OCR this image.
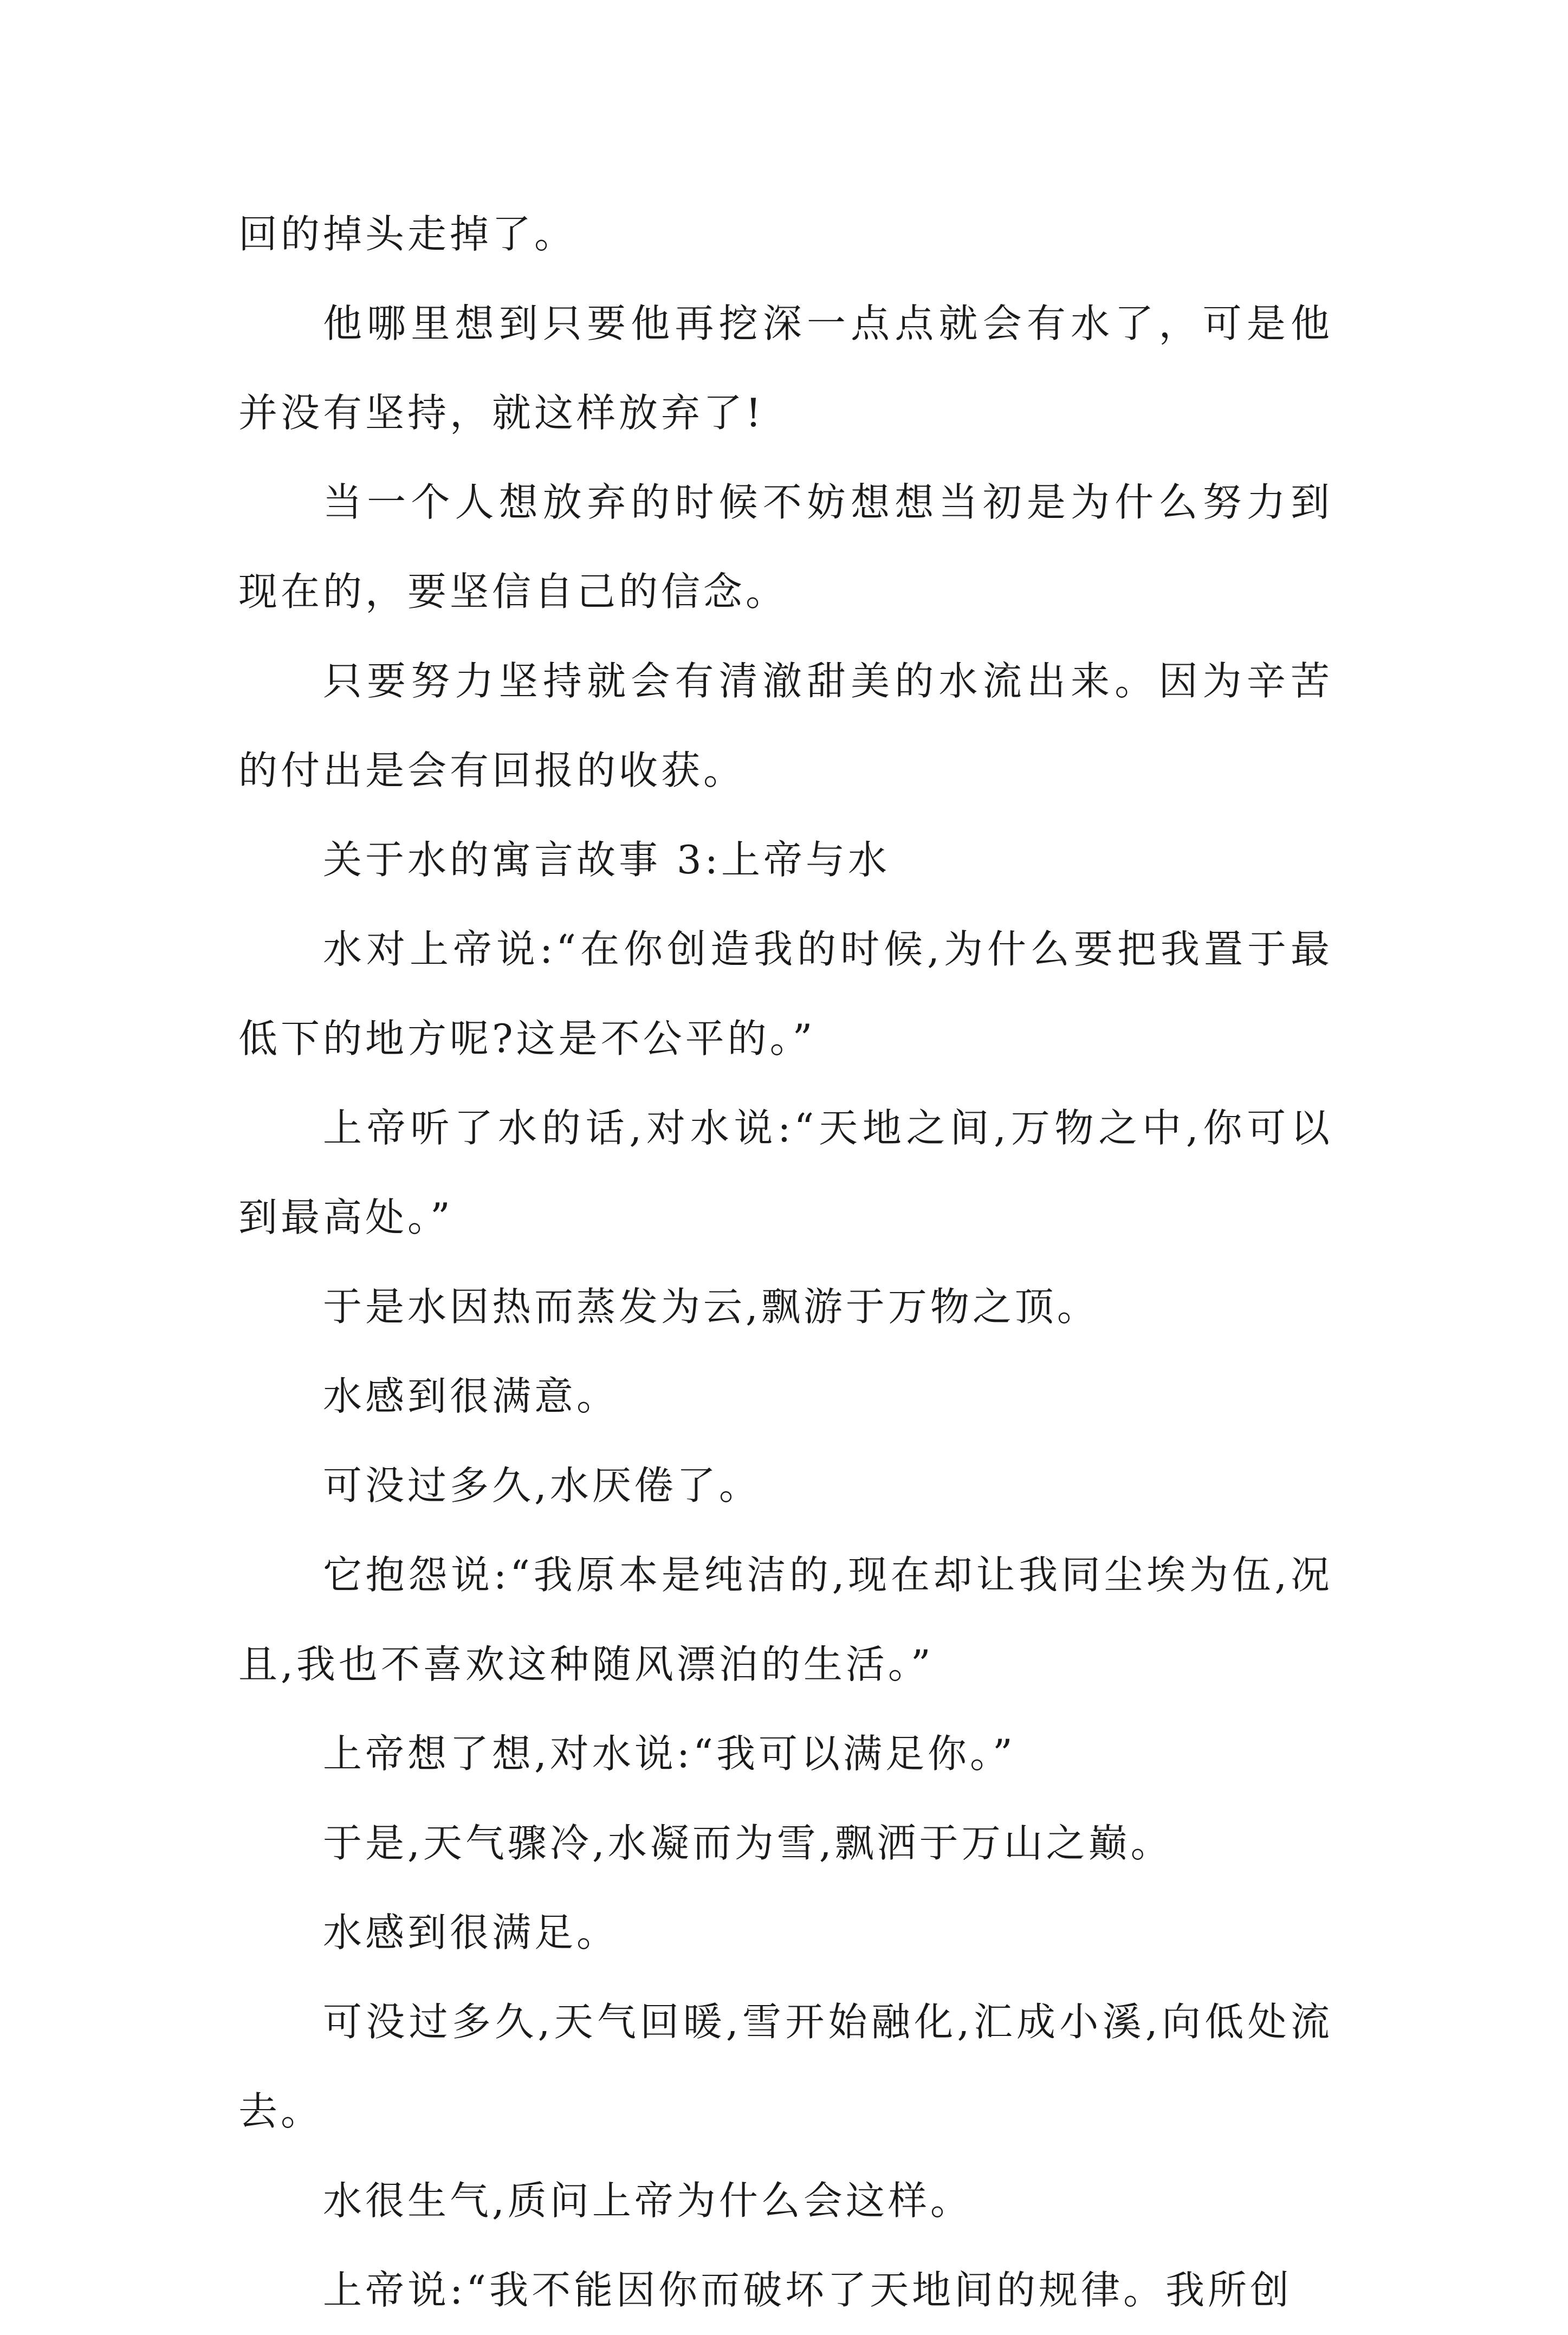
回的掉头走掉了。

他哪里想到只要他再挖深一点点就会有水了，可是他并没有坚持，就这样放弃了!

当一个人想放弃的时候不妨想想当初是为什么努力到现在的，要坚信自己的信念。

只要努力坚持就会有清澈甜美的水流出来。因为辛苦的付出是会有回报的收获。

关于水的寓言故事 3:上帝与水

水对上帝说:“在你创造我的时候,为什么要把我置于最低下的地方呢?这是不公平的。”

上帝听了水的话,对水说:“天地之间,万物之中,你可以到最高处。”

于是水因热而蒸发为云,飘游于万物之顶。

水感到很满意。

可没过多久,水厌倦了。

它抱怨说:“我原本是纯洁的,现在却让我同尘埃为伍,况且,我也不喜欢这种随风漂泊的生活。”

上帝想了想,对水说:“我可以满足你。”

于是,天气骤冷,水凝而为雪,飘洒于万山之巅。

水感到很满足。

可没过多久,天气回暖,雪开始融化,汇成小溪,向低处流去。

水很生气,质问上帝为什么会这样。

上帝说:“我不能因你而破坏了天地间的规律。我所创
